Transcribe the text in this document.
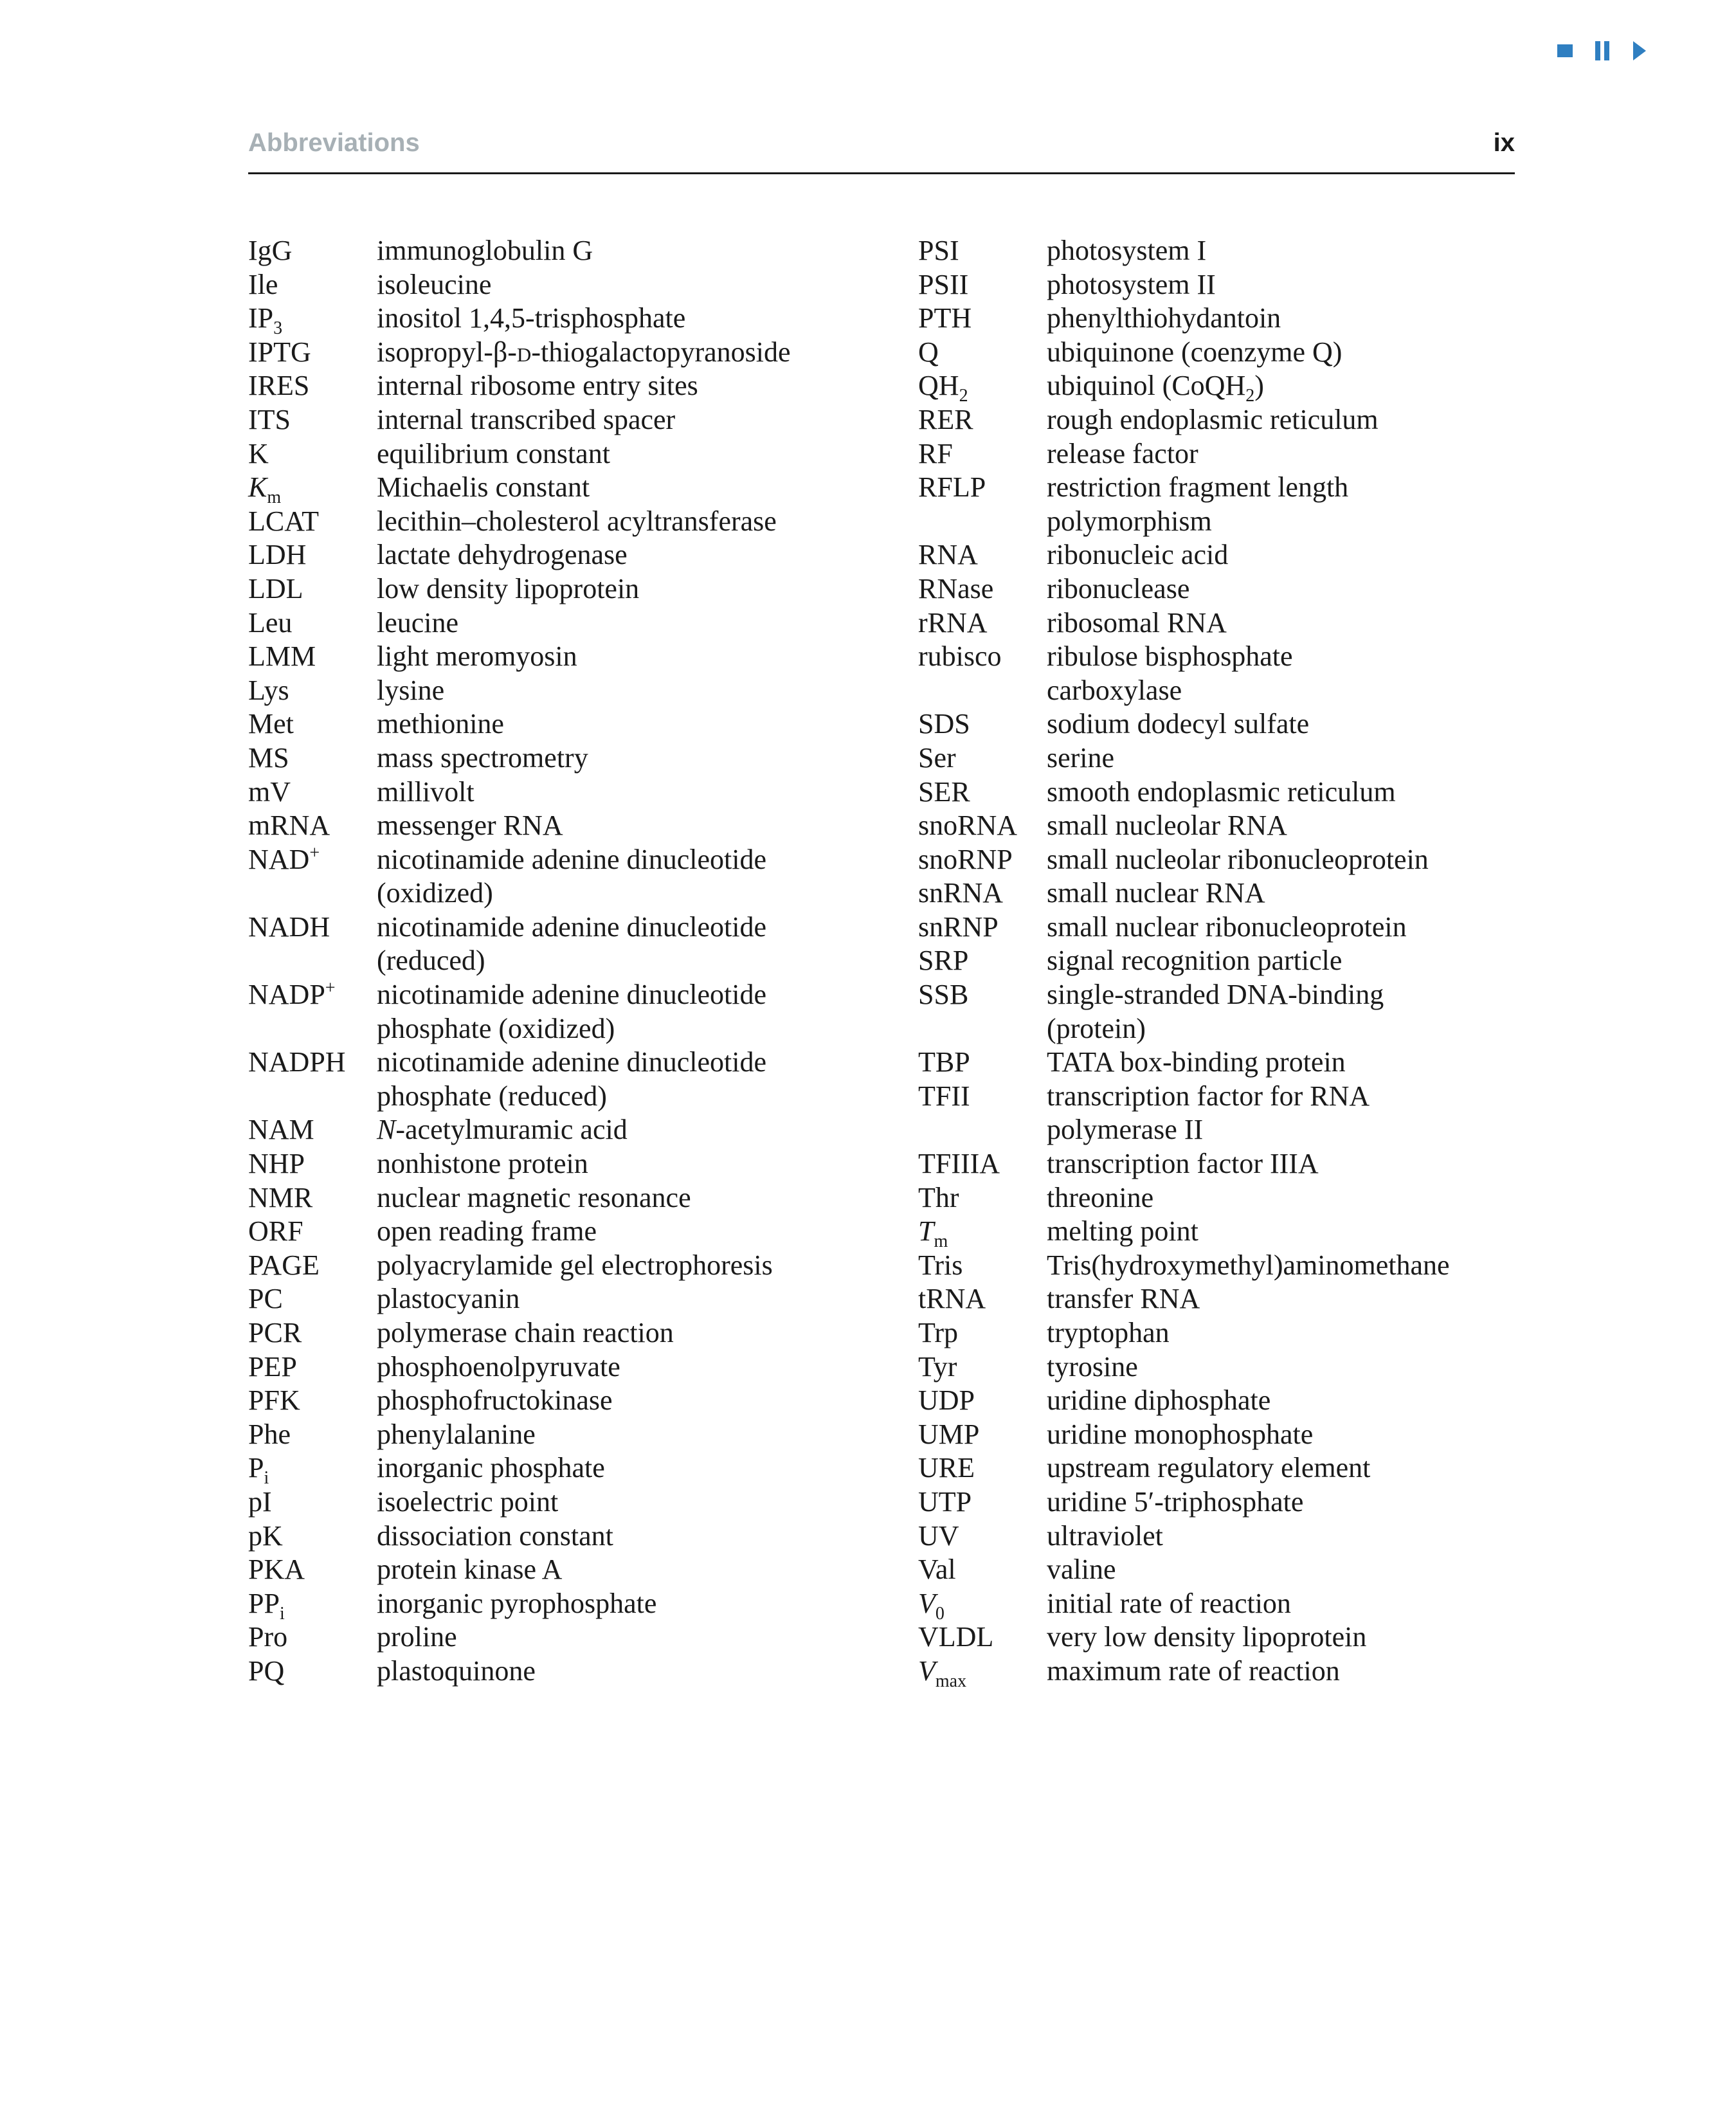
Abbreviations	ix
IgG	immunoglobulin G
Ile	isoleucine
$IP_3$	inositol 1,4,5-trisphosphate
IPTG	isopropyl-β-d-thiogalactopyranoside
IRES	internal ribosome entry sites
ITS	internal transcribed spacer
K	equilibrium constant
$K_m$	Michaelis constant
LCAT	lecithin–cholesterol acyltransferase
LDH	lactate dehydrogenase
LDL	low density lipoprotein
Leu	leucine
LMM	light meromyosin
Lys	lysine
Met	methionine
MS	mass spectrometry
mV	millivolt
mRNA	messenger RNA
NAD+	nicotinamide adenine dinucleotide
(oxidized)
NADH	nicotinamide adenine dinucleotide
(reduced)
NADP+	nicotinamide adenine dinucleotide
phosphate (oxidized)
NADPH	nicotinamide adenine dinucleotide
phosphate (reduced)
NAM	N-acetylmuramic acid
NHP	nonhistone protein
NMR	nuclear magnetic resonance
ORF	open reading frame
PAGE	polyacrylamide gel electrophoresis
PC	plastocyanin
PCR	polymerase chain reaction
PEP	phosphoenolpyruvate
PFK	phosphofructokinase
Phe	phenylalanine
$P_i$	inorganic phosphate
pI	isoelectric point
pK	dissociation constant
PKA	protein kinase A
$PP_i$	inorganic pyrophosphate
Pro	proline
PQ	plastoquinone
PSI	photosystem I
PSII	photosystem II
PTH	phenylthiohydantoin
Q	ubiquinone (coenzyme Q)
$QH_2$	ubiquinol (CoQH$_2$)
RER	rough endoplasmic reticulum
RF	release factor
RFLP	restriction fragment length
polymorphism
RNA	ribonucleic acid
RNase	ribonuclease
rRNA	ribosomal RNA
rubisco	ribulose bisphosphate
carboxylase
SDS	sodium dodecyl sulfate
Ser	serine
SER	smooth endoplasmic reticulum
snoRNA	small nucleolar RNA
snoRNP	small nucleolar ribonucleoprotein
snRNA	small nuclear RNA
snRNP	small nuclear ribonucleoprotein
SRP	signal recognition particle
SSB	single-stranded DNA-binding
(protein)
TBP	TATA box-binding protein
TFII	transcription factor for RNA
polymerase II
TFIIIA	transcription factor IIIA
Thr	threonine
$T_m$	melting point
Tris	Tris(hydroxymethyl)aminomethane
tRNA	transfer RNA
Trp	tryptophan
Tyr	tyrosine
UDP	uridine diphosphate
UMP	uridine monophosphate
URE	upstream regulatory element
UTP	uridine 5′-triphosphate
UV	ultraviolet
Val	valine
$V_0$	initial rate of reaction
VLDL	very low density lipoprotein
$V_{max}$	maximum rate of reaction
